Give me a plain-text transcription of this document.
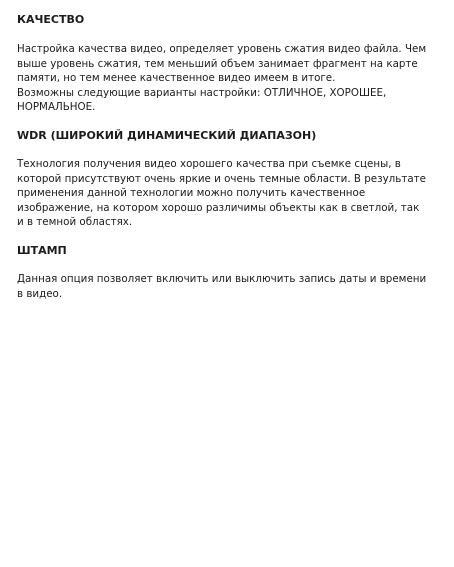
КАЧЕСТВО

Настройка качества видео, определяет уровень сжатия видео файла. Чем
выше уровень сжатия, тем меньший объем занимает фрагмент на карте
памяти, но тем менее качественное видео имеем в итоге.
Возможны следующие варианты настройки: ОТЛИЧНОЕ, ХОРОШЕЕ,
НОРМАЛЬНОЕ.

WDR (ШИРОКИЙ ДИНАМИЧЕСКИЙ ДИАПАЗОН)

Технология получения видео хорошего качества при съемке сцены, в
которой присутствуют очень яркие и очень темные области. В результате
применения данной технологии можно получить качественное
изображение, на котором хорошо различимы объекты как в светлой, так
и в темной областях.

ШТАМП

Данная опция позволяет включить или выключить запись даты и времени
в видео.
